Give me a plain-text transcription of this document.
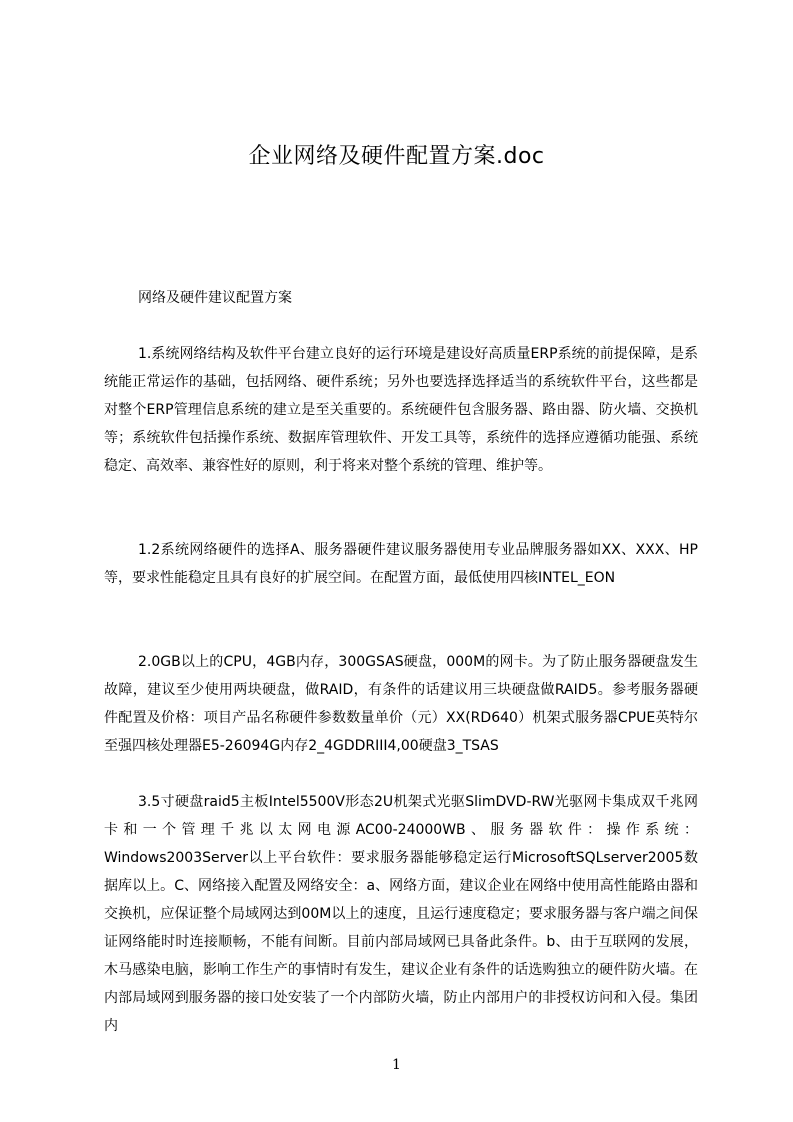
企业网络及硬件配置方案.doc

网络及硬件建议配置方案

1.系统网络结构及软件平台建立良好的运行环境是建设好高质量ERP系统的前提保障，是系统能正常运作的基础，包括网络、硬件系统；另外也要选择选择适当的系统软件平台，这些都是对整个ERP管理信息系统的建立是至关重要的。系统硬件包含服务器、路由器、防火墙、交换机等；系统软件包括操作系统、数据库管理软件、开发工具等，系统件的选择应遵循功能强、系统稳定、高效率、兼容性好的原则，利于将来对整个系统的管理、维护等。

1.2系统网络硬件的选择A、服务器硬件建议服务器使用专业品牌服务器如XX、XXX、HP等，要求性能稳定且具有良好的扩展空间。在配置方面，最低使用四核INTEL_EON

2.0GB以上的CPU，4GB内存，300GSAS硬盘，000M的网卡。为了防止服务器硬盘发生故障，建议至少使用两块硬盘，做RAID，有条件的话建议用三块硬盘做RAID5。参考服务器硬件配置及价格：项目产品名称硬件参数数量单价（元）XX(RD640）机架式服务器CPUE英特尔至强四核处理器E5-26094G内存2_4GDDRIII4,00硬盘3_TSAS

3.5寸硬盘raid5主板Intel5500V形态2U机架式光驱SlimDVD-RW光驱网卡集成双千兆网卡和一个管理千兆以太网电源AC00-24000WB、服务器软件：操作系统：Windows2003Server以上平台软件：要求服务器能够稳定运行MicrosoftSQLserver2005数据库以上。C、网络接入配置及网络安全：a、网络方面，建议企业在网络中使用高性能路由器和交换机，应保证整个局域网达到00M以上的速度，且运行速度稳定；要求服务器与客户端之间保证网络能时时连接顺畅，不能有间断。目前内部局域网已具备此条件。b、由于互联网的发展，木马感染电脑，影响工作生产的事情时有发生，建议企业有条件的话选购独立的硬件防火墙。在内部局域网到服务器的接口处安装了一个内部防火墙，防止内部用户的非授权访问和入侵。集团内

1
